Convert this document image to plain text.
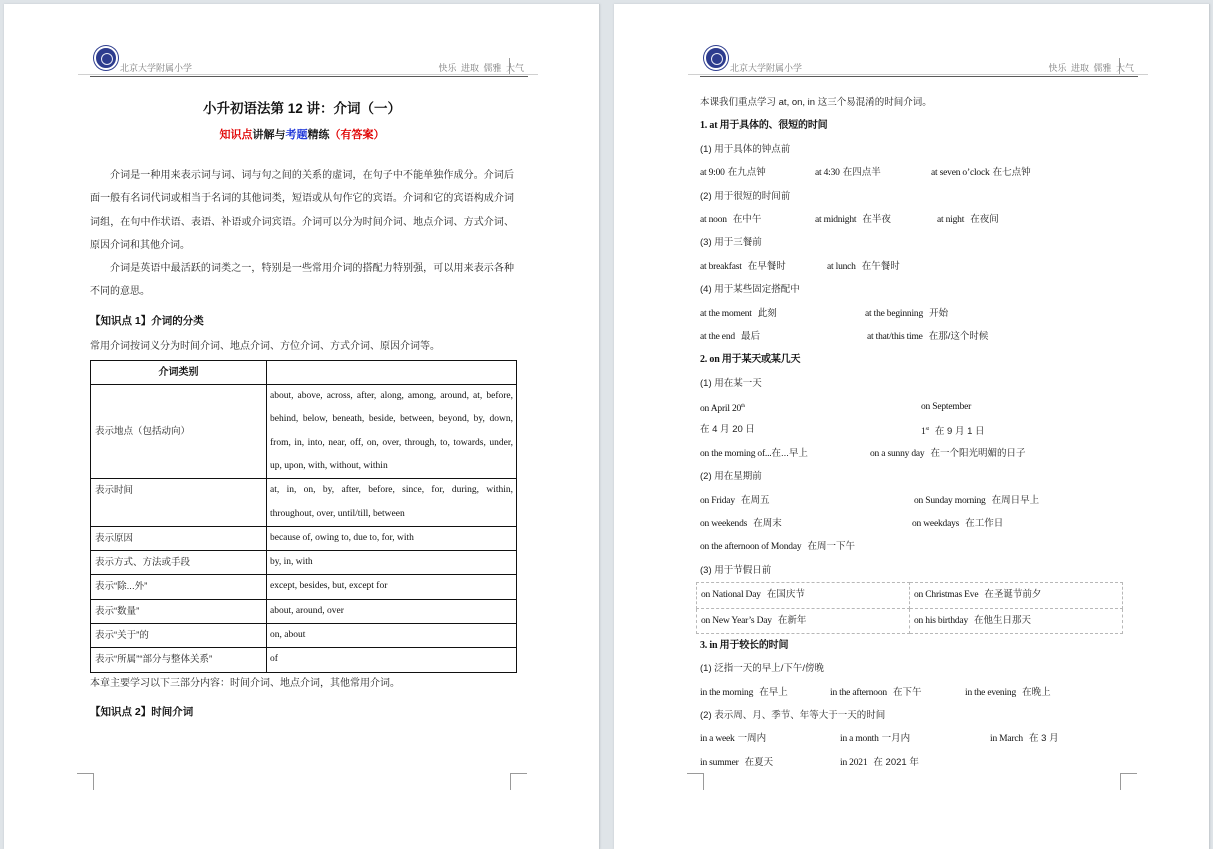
北京大学附属小学	快乐 进取 儒雅 大气
小升初语法第 12 讲：介词（一）
知识点讲解与考题精练（有答案）

介词是一种用来表示词与词、词与句之间的关系的虚词，在句子中不能单独作成分。介词后面一般有名词代词或相当于名词的其他词类，短语或从句作它的宾语。介词和它的宾语构成介词词组，在句中作状语、表语、补语或介词宾语。介词可以分为时间介词、地点介词、方式介词、原因介词和其他介词。

介词是英语中最活跃的词类之一，特别是一些常用介词的搭配力特别强，可以用来表示各种不同的意思。

【知识点 1】介词的分类
常用介词按词义分为时间介词、地点介词、方位介词、方式介词、原因介词等。
介词类别	
表示地点（包括动向）	about, above, across, after, along, among, around, at, before, behind, below, beneath, beside, between, beyond, by, down, from, in, into, near, off, on, over, through, to, towards, under, up, upon, with, without, within
表示时间	at, in, on, by, after, before, since, for, during, within, throughout, over, until/till, between
表示原因	because of, owing to, due to, for, with
表示方式、方法或手段	by, in, with
表示“除...外”	except, besides, but, except for
表示“数量”	about, around, over
表示“关于”的	on, about
表示“所属”“部分与整体关系”	of
本章主要学习以下三部分内容：时间介词、地点介词，其他常用介词。
【知识点 2】时间介词
北京大学附属小学	快乐 进取 儒雅 大气
本课我们重点学习 at, on, in 这三个易混淆的时间介词。
1. at 用于具体的、很短的时间
(1) 用于具体的钟点前
at 9:00 在九点钟	at 4:30 在四点半	at seven o’clock 在七点钟
(2) 用于很短的时间前
at noon 在中午	at midnight 在半夜	at night 在夜间
(3) 用于三餐前
at breakfast 在早餐时	at lunch 在午餐时
(4) 用于某些固定搭配中
at the moment 此刻	at the beginning 开始
at the end 最后	at that/this time 在那/这个时候
2. on 用于某天或某几天
(1) 用在某一天
on April 20th	on September
在 4 月 20 日	1st 在 9 月 1 日
on the morning of...在...早上	on a sunny day 在一个阳光明媚的日子
(2) 用在星期前
on Friday 在周五	on Sunday morning 在周日早上
on weekends 在周末	on weekdays 在工作日
on the afternoon of Monday 在周一下午
(3) 用于节假日前
on National Day 在国庆节	on Christmas Eve 在圣诞节前夕
on New Year’s Day 在新年	on his birthday 在他生日那天
3. in 用于较长的时间
(1) 泛指一天的早上/下午/傍晚
in the morning 在早上	in the afternoon 在下午	in the evening 在晚上
(2) 表示周、月、季节、年等大于一天的时间
in a week 一周内	in a month 一月内	in March 在 3 月
in summer 在夏天	in 2021 在 2021 年
